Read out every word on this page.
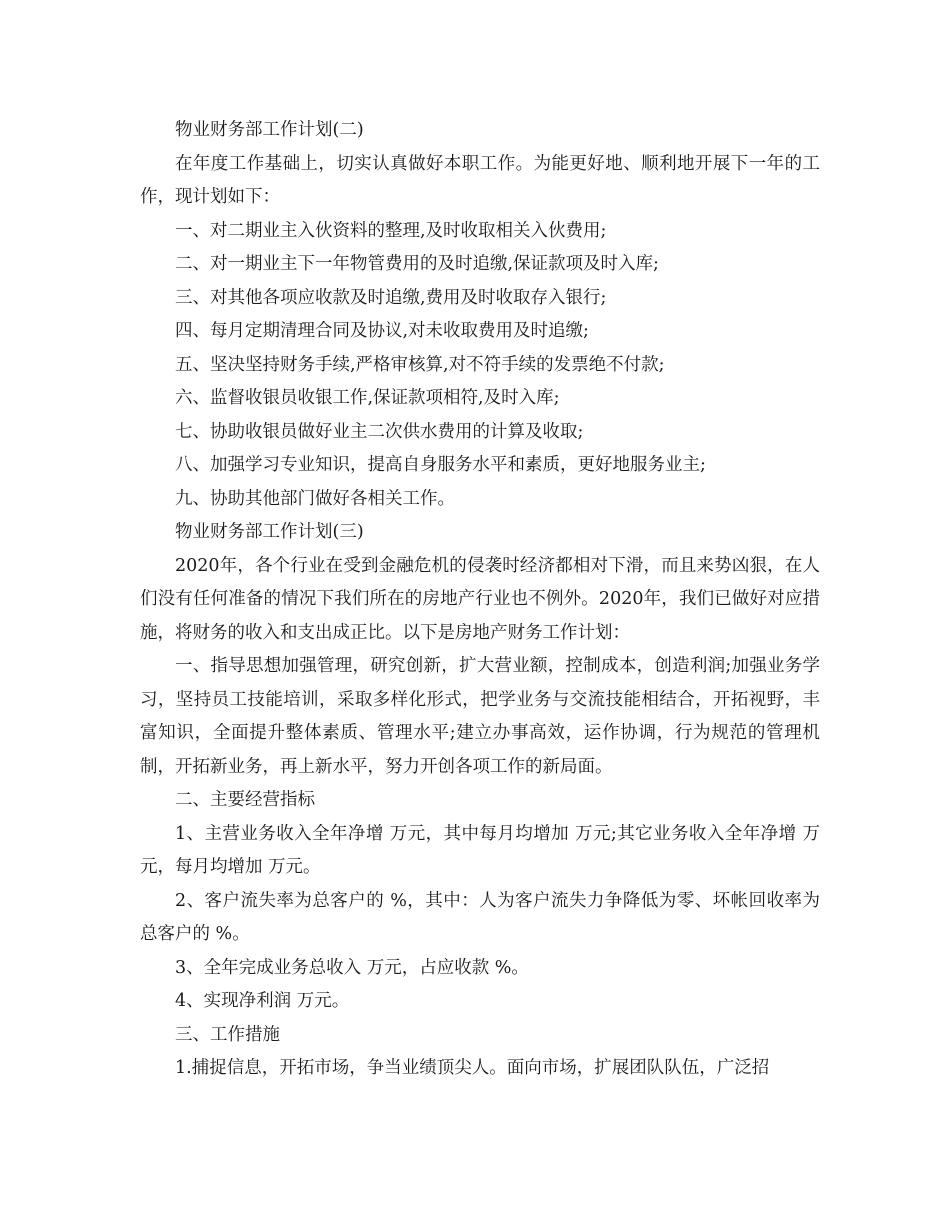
物业财务部工作计划(二)

在年度工作基础上，切实认真做好本职工作。为能更好地、顺利地开展下一年的工作，现计划如下：

一、对二期业主入伙资料的整理,及时收取相关入伙费用;

二、对一期业主下一年物管费用的及时追缴,保证款项及时入库;

三、对其他各项应收款及时追缴,费用及时收取存入银行;

四、每月定期清理合同及协议,对未收取费用及时追缴;

五、坚决坚持财务手续,严格审核算,对不符手续的发票绝不付款;

六、监督收银员收银工作,保证款项相符,及时入库;

七、协助收银员做好业主二次供水费用的计算及收取;

八、加强学习专业知识，提高自身服务水平和素质，更好地服务业主;

九、协助其他部门做好各相关工作。

物业财务部工作计划(三)

2020年，各个行业在受到金融危机的侵袭时经济都相对下滑，而且来势凶狠，在人们没有任何准备的情况下我们所在的房地产行业也不例外。2020年，我们已做好对应措施，将财务的收入和支出成正比。以下是房地产财务工作计划：

一、指导思想加强管理，研究创新，扩大营业额，控制成本，创造利润;加强业务学习，坚持员工技能培训，采取多样化形式，把学业务与交流技能相结合，开拓视野，丰富知识，全面提升整体素质、管理水平;建立办事高效，运作协调，行为规范的管理机制，开拓新业务，再上新水平，努力开创各项工作的新局面。

二、主要经营指标

1、主营业务收入全年净增 万元，其中每月均增加 万元;其它业务收入全年净增 万元，每月均增加 万元。

2、客户流失率为总客户的 %，其中：人为客户流失力争降低为零、坏帐回收率为总客户的 %。

3、全年完成业务总收入 万元，占应收款 %。

4、实现净利润 万元。

三、工作措施

1.捕捉信息，开拓市场，争当业绩顶尖人。面向市场，扩展团队队伍，广泛招
